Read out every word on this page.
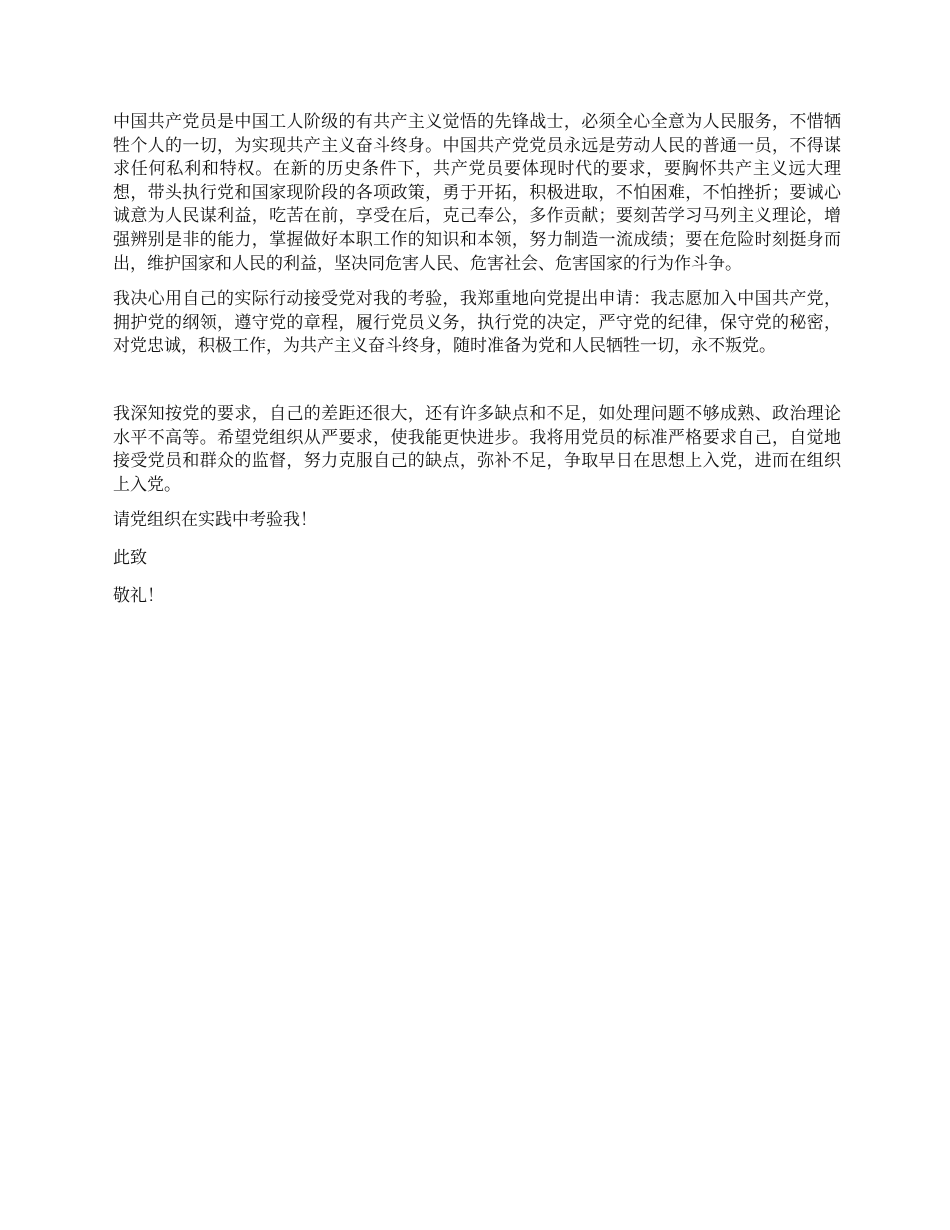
中国共产党员是中国工人阶级的有共产主义觉悟的先锋战士，必须全心全意为人民服务，不惜牺牲个人的一切，为实现共产主义奋斗终身。中国共产党党员永远是劳动人民的普通一员，不得谋求任何私利和特权。在新的历史条件下，共产党员要体现时代的要求，要胸怀共产主义远大理想，带头执行党和国家现阶段的各项政策，勇于开拓，积极进取，不怕困难，不怕挫折；要诚心诚意为人民谋利益，吃苦在前，享受在后，克己奉公，多作贡献；要刻苦学习马列主义理论，增强辨别是非的能力，掌握做好本职工作的知识和本领，努力制造一流成绩；要在危险时刻挺身而出，维护国家和人民的利益，坚决同危害人民、危害社会、危害国家的行为作斗争。

我决心用自己的实际行动接受党对我的考验，我郑重地向党提出申请：我志愿加入中国共产党，拥护党的纲领，遵守党的章程，履行党员义务，执行党的决定，严守党的纪律，保守党的秘密，对党忠诚，积极工作，为共产主义奋斗终身，随时准备为党和人民牺牲一切，永不叛党。

我深知按党的要求，自己的差距还很大，还有许多缺点和不足，如处理问题不够成熟、政治理论水平不高等。希望党组织从严要求，使我能更快进步。我将用党员的标准严格要求自己，自觉地接受党员和群众的监督，努力克服自己的缺点，弥补不足，争取早日在思想上入党，进而在组织上入党。

请党组织在实践中考验我！

此致

敬礼！
